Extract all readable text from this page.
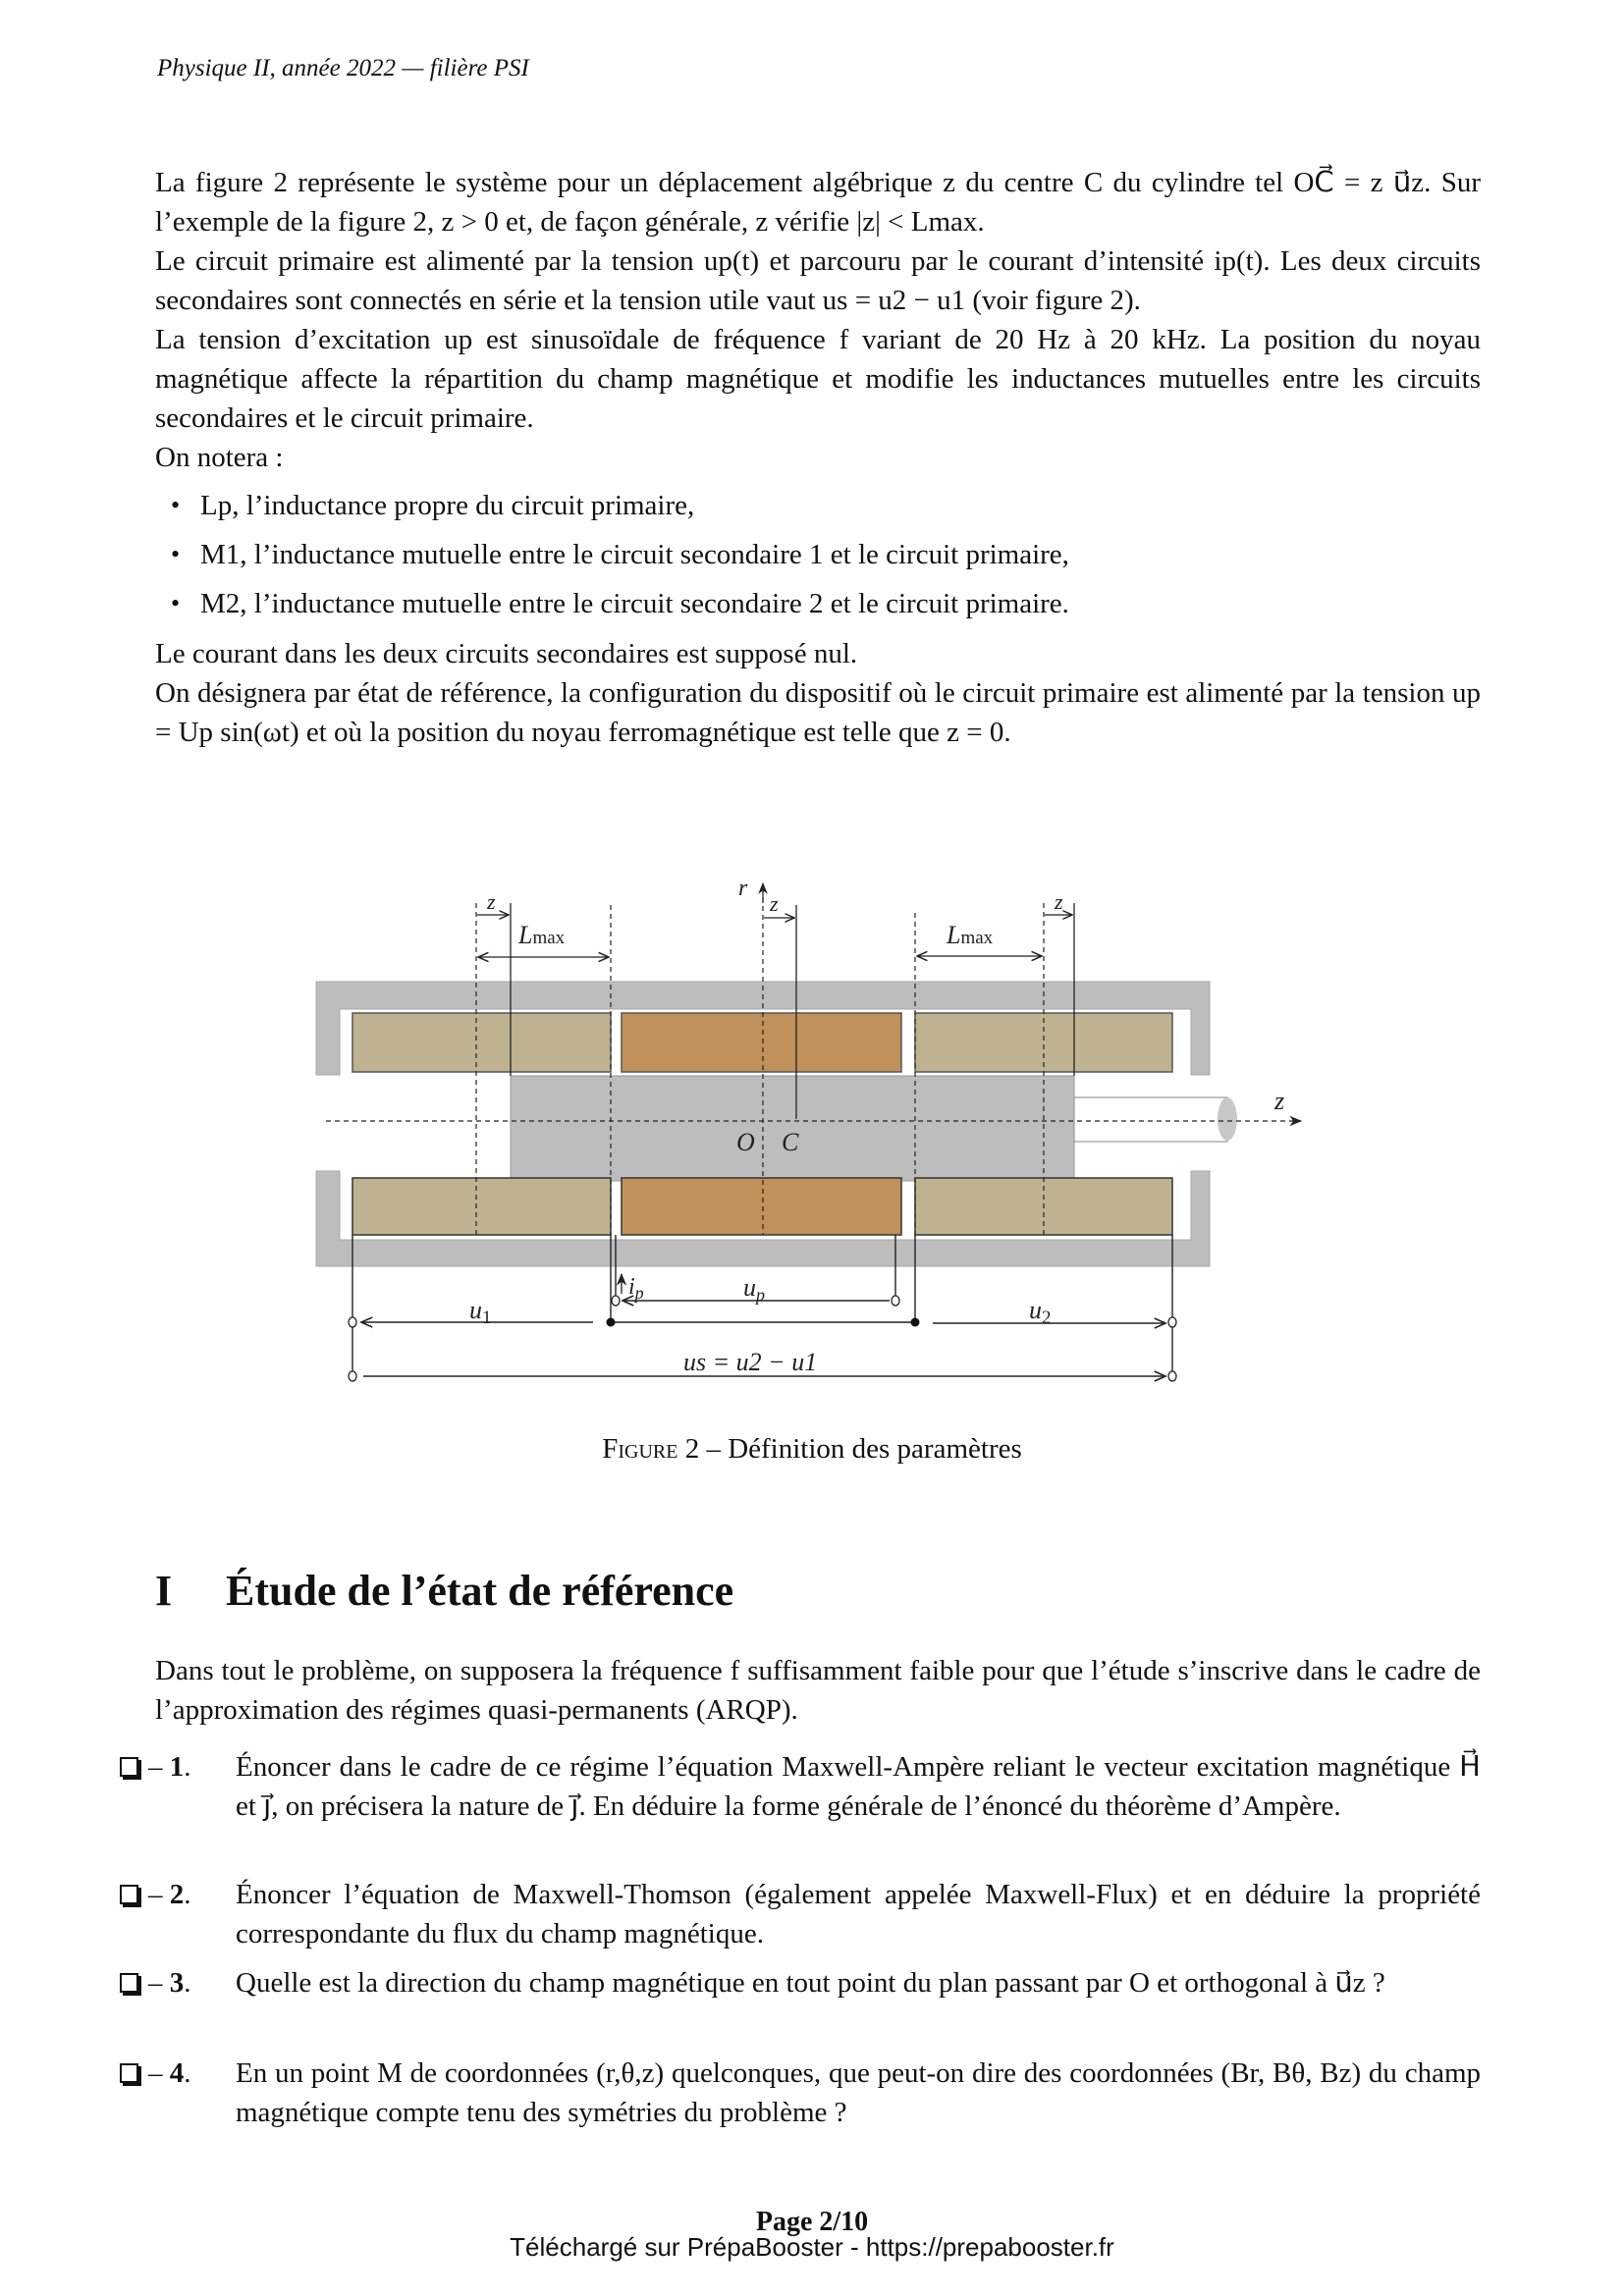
Physique II, année 2022 — filière PSI

La figure 2 représente le système pour un déplacement algébrique z du centre C du cylindre tel OC⃗ = z u⃗z. Sur l’exemple de la figure 2, z > 0 et, de façon générale, z vérifie |z| < Lmax.

Le circuit primaire est alimenté par la tension up(t) et parcouru par le courant d’intensité ip(t). Les deux circuits secondaires sont connectés en série et la tension utile vaut us = u2 − u1 (voir figure 2).

La tension d’excitation up est sinusoïdale de fréquence f variant de 20 Hz à 20 kHz. La position du noyau magnétique affecte la répartition du champ magnétique et modifie les inductances mutuelles entre les circuits secondaires et le circuit primaire.

On notera :

• Lp, l’inductance propre du circuit primaire,
• M1, l’inductance mutuelle entre le circuit secondaire 1 et le circuit primaire,
• M2, l’inductance mutuelle entre le circuit secondaire 2 et le circuit primaire.

Le courant dans les deux circuits secondaires est supposé nul.

On désignera par état de référence, la configuration du dispositif où le circuit primaire est alimenté par la tension up = Up sin(ωt) et où la position du noyau ferromagnétique est telle que z = 0.

r
z
z	z	z
Lmax	Lmax
O C
$i_p$	up
u1	u2
us = u2 − u1
Figure 2 – Définition des paramètres
I Étude de l’état de référence
Dans tout le problème, on supposera la fréquence f suffisamment faible pour que l’étude s’inscrive dans le cadre de l’approximation des régimes quasi-permanents (ARQP).
– 1. Énoncer dans le cadre de ce régime l’équation Maxwell-Ampère reliant le vecteur excitation magnétique H⃗ et j⃗, on précisera la nature de j⃗. En déduire la forme générale de l’énoncé du théorème d’Ampère.
– 2. Énoncer l’équation de Maxwell-Thomson (également appelée Maxwell-Flux) et en déduire la propriété correspondante du flux du champ magnétique.
– 3. Quelle est la direction du champ magnétique en tout point du plan passant par O et orthogonal à u⃗z ?
– 4. En un point M de coordonnées (r,θ,z) quelconques, que peut-on dire des coordonnées (Br, Bθ, Bz) du champ magnétique compte tenu des symétries du problème ?
Page 2/10
Téléchargé sur PrépaBooster - https://prepabooster.fr
